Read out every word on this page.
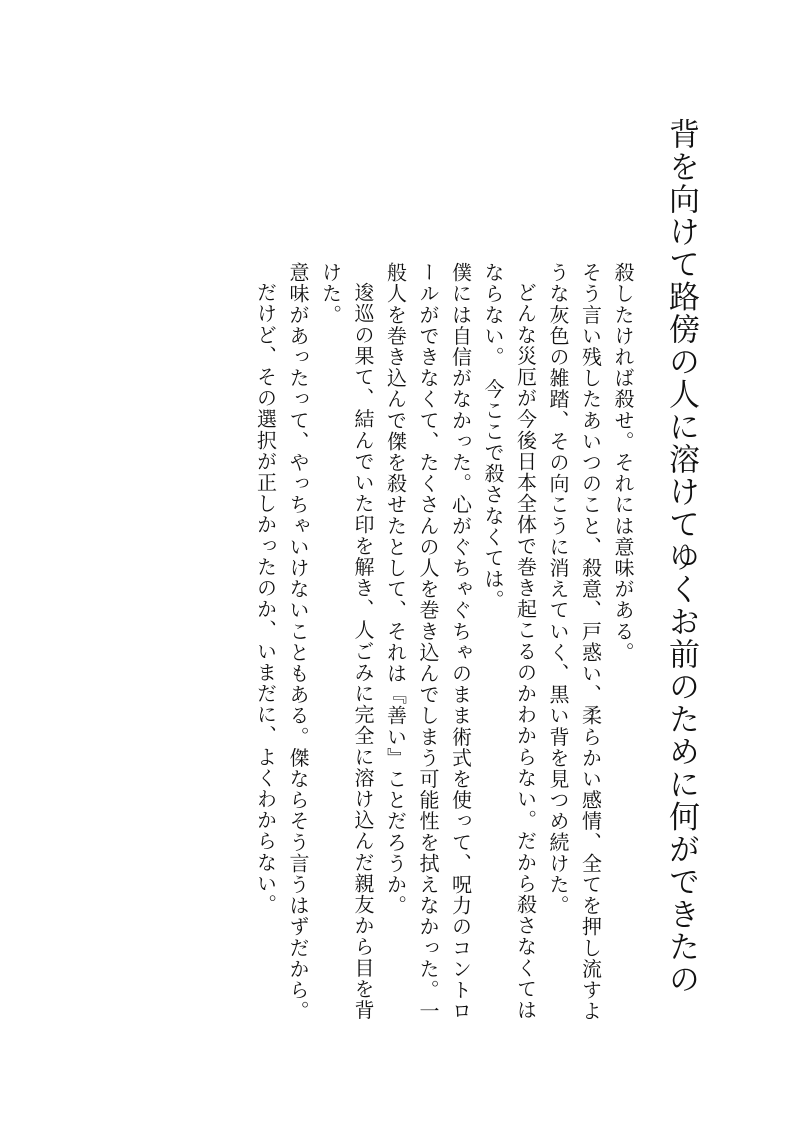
背を向けて路傍の人に溶けてゆくお前のために何ができたの

殺したければ殺せ。それには意味がある。

そう言い残したあいつのこと、殺意、戸惑い、柔らかい感情、全てを押し流すような灰色の雑踏、その向こうに消えていく、黒い背を見つめ続けた。

どんな災厄が今後日本全体で巻き起こるのかわからない。だから殺さなくてはならない。　今ここで殺さなくては。

僕には自信がなかった。心がぐちゃぐちゃのまま術式を使って、呪力のコントロールができなくて、たくさんの人を巻き込んでしまう可能性を拭えなかった。一般人を巻き込んで傑を殺せたとして、それは『善い』ことだろうか。

逡巡の果て、結んでいた印を解き、人ごみに完全に溶け込んだ親友から目を背けた。

意味があったって、やっちゃいけないこともある。傑ならそう言うはずだから。

だけど、その選択が正しかったのか、いまだに、よくわからない。
